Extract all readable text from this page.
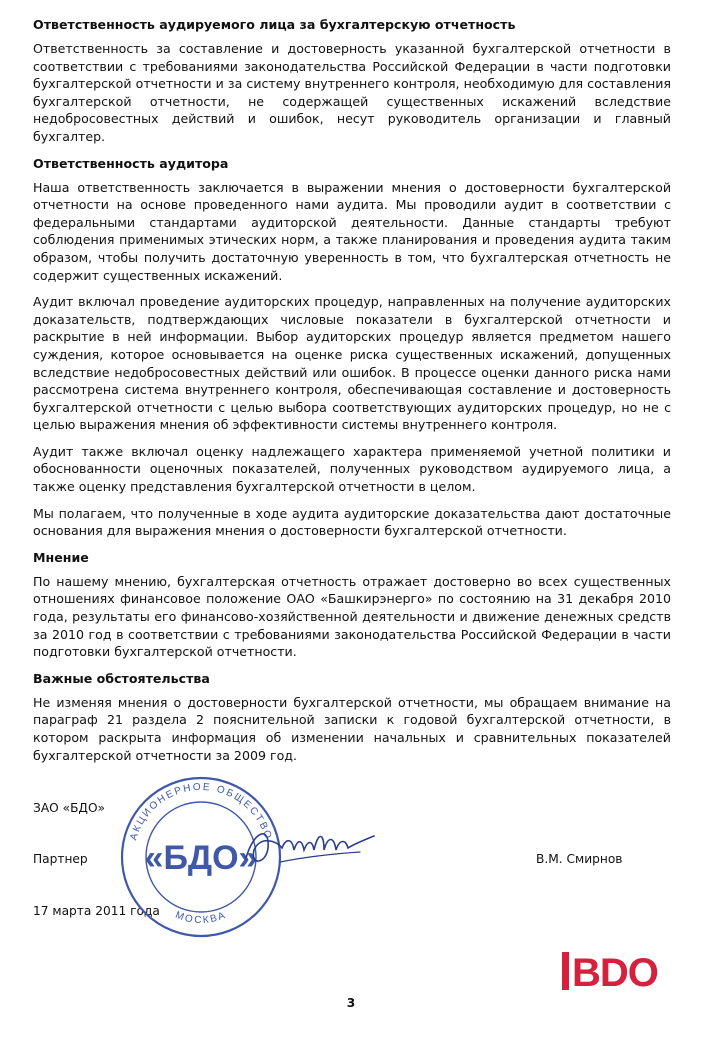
Ответственность аудируемого лица за бухгалтерскую отчетность
Ответственность за составление и достоверность указанной бухгалтерской отчетности в соответствии с требованиями законодательства Российской Федерации в части подготовки бухгалтерской отчетности и за систему внутреннего контроля, необходимую для составления бухгалтерской отчетности, не содержащей существенных искажений вследствие недобросовестных действий и ошибок, несут руководитель организации и главный бухгалтер.
Ответственность аудитора
Наша ответственность заключается в выражении мнения о достоверности бухгалтерской отчетности на основе проведенного нами аудита. Мы проводили аудит в соответствии с федеральными стандартами аудиторской деятельности. Данные стандарты требуют соблюдения применимых этических норм, а также планирования и проведения аудита таким образом, чтобы получить достаточную уверенность в том, что бухгалтерская отчетность не содержит существенных искажений.
Аудит включал проведение аудиторских процедур, направленных на получение аудиторских доказательств, подтверждающих числовые показатели в бухгалтерской отчетности и раскрытие в ней информации. Выбор аудиторских процедур является предметом нашего суждения, которое основывается на оценке риска существенных искажений, допущенных вследствие недобросовестных действий или ошибок. В процессе оценки данного риска нами рассмотрена система внутреннего контроля, обеспечивающая составление и достоверность бухгалтерской отчетности с целью выбора соответствующих аудиторских процедур, но не с целью выражения мнения об эффективности системы внутреннего контроля.
Аудит также включал оценку надлежащего характера применяемой учетной политики и обоснованности оценочных показателей, полученных руководством аудируемого лица, а также оценку представления бухгалтерской отчетности в целом.
Мы полагаем, что полученные в ходе аудита аудиторские доказательства дают достаточные основания для выражения мнения о достоверности бухгалтерской отчетности.
Мнение
По нашему мнению, бухгалтерская отчетность отражает достоверно во всех существенных отношениях финансовое положение ОАО «Башкирэнерго» по состоянию на 31 декабря 2010 года, результаты его финансово-хозяйственной деятельности и движение денежных средств за 2010 год в соответствии с требованиями законодательства Российской Федерации в части подготовки бухгалтерской отчетности.
Важные обстоятельства
Не изменяя мнения о достоверности бухгалтерской отчетности, мы обращаем внимание на параграф 21 раздела 2 пояснительной записки к годовой бухгалтерской отчетности, в котором раскрыта информация об изменении начальных и сравнительных показателей бухгалтерской отчетности за 2009 год.
ЗАО «БДО»
Партнер	В.М. Смирнов
17 марта 2011 года
АКЦИОНЕРНОЕ ОБЩЕСТВО
МОСКВА
«БДО»
3
BDO
